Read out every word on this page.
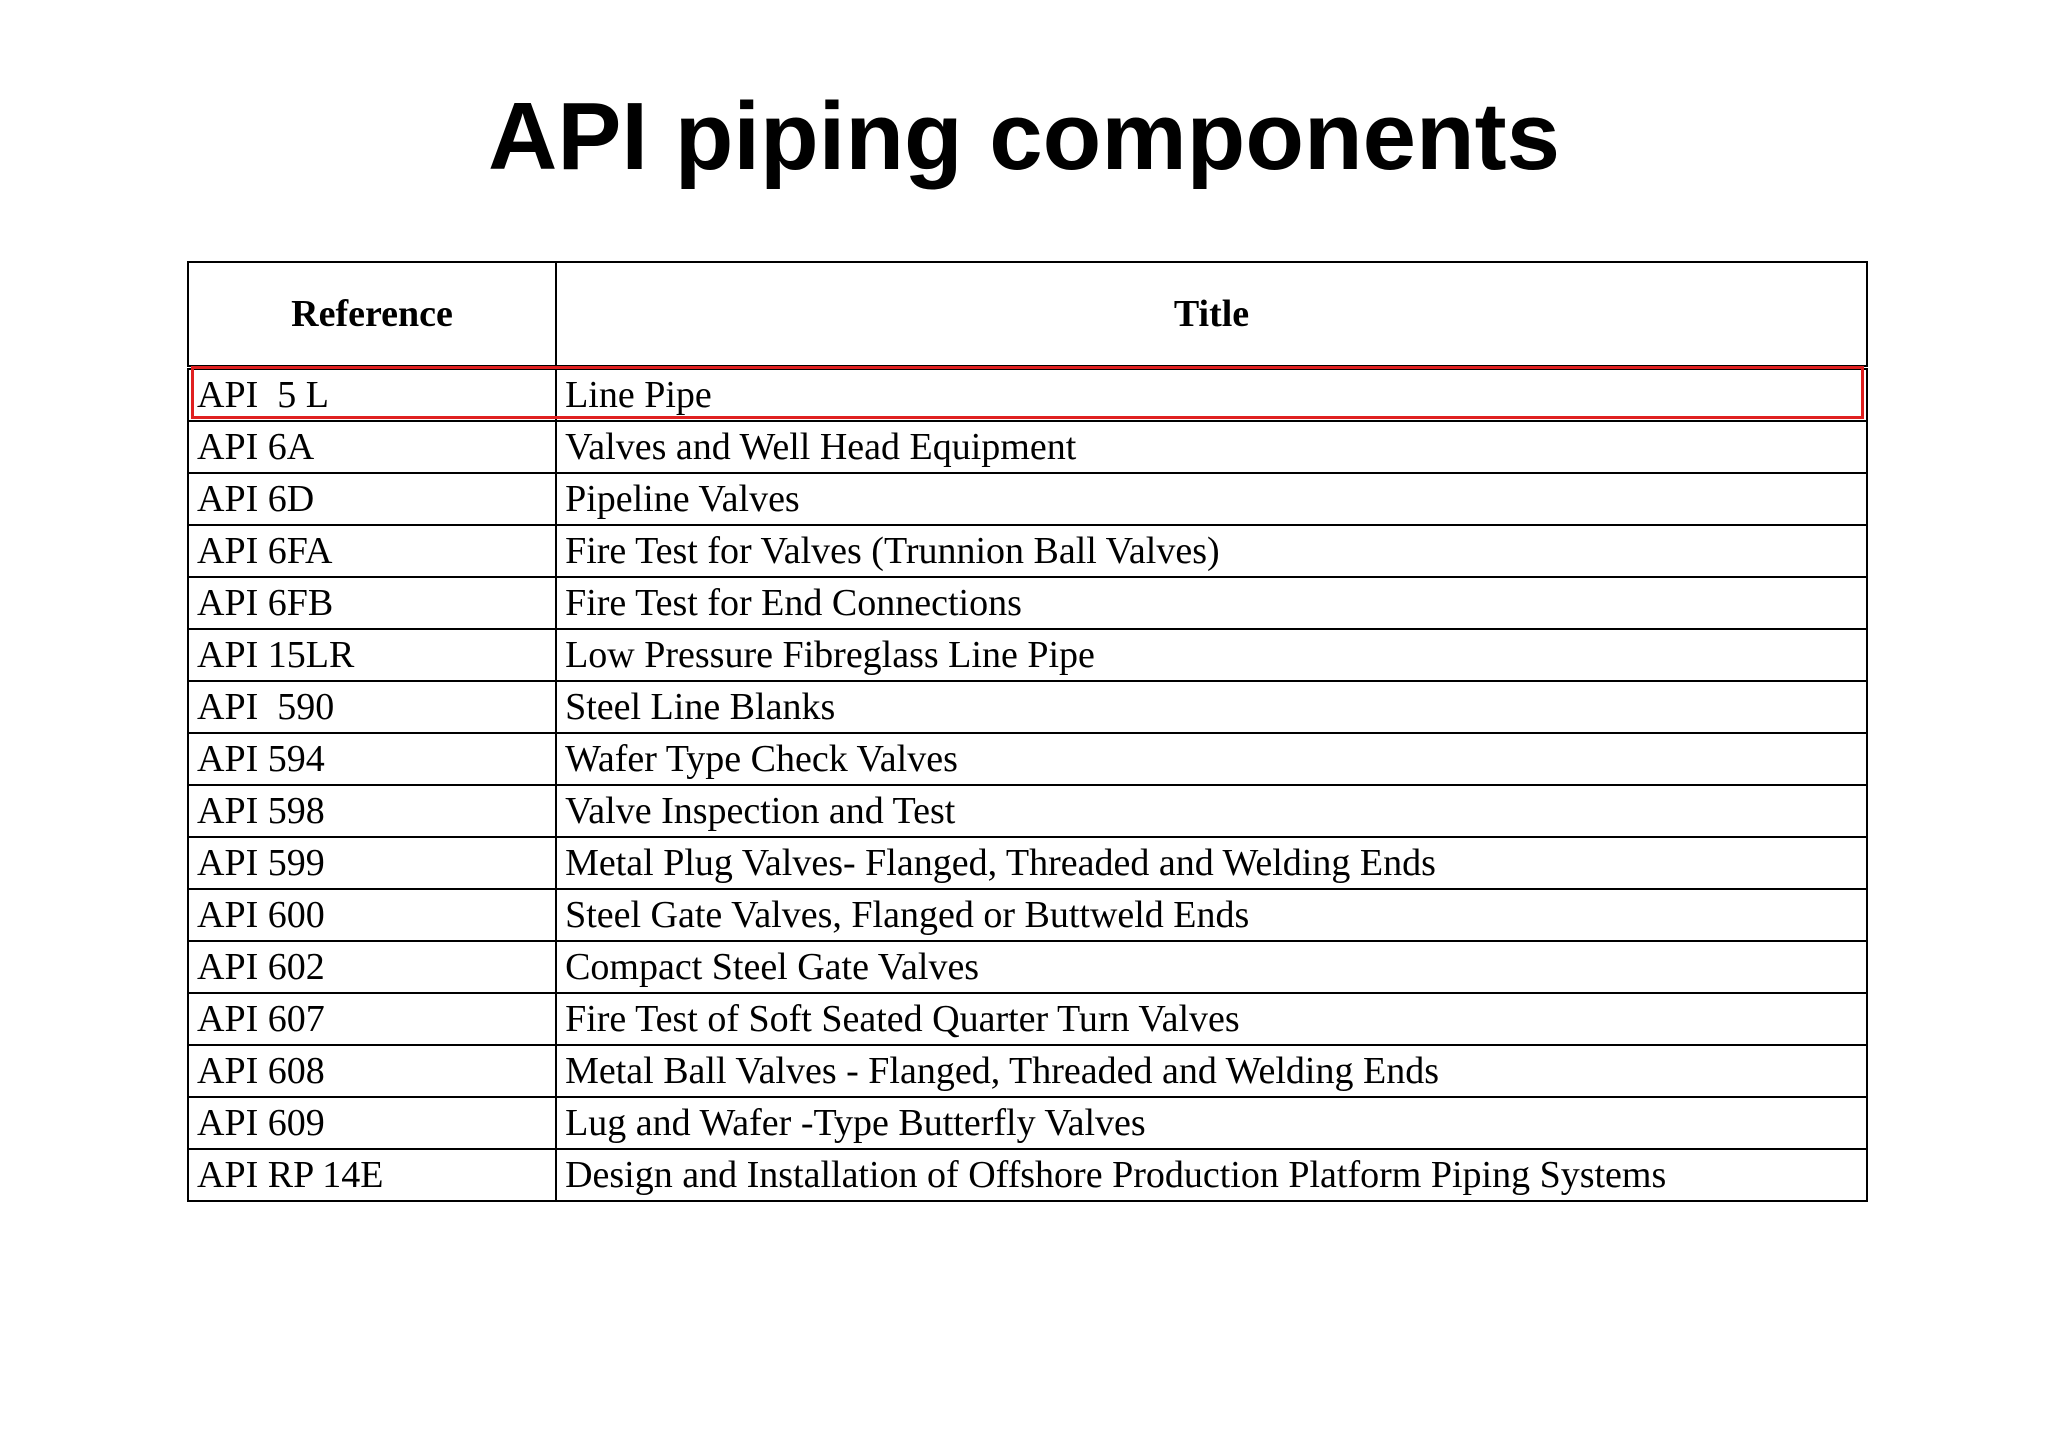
API piping components
Reference	Title
API  5 L	Line Pipe
API 6A	Valves and Well Head Equipment
API 6D	Pipeline Valves
API 6FA	Fire Test for Valves (Trunnion Ball Valves)
API 6FB	Fire Test for End Connections
API 15LR	Low Pressure Fibreglass Line Pipe
API  590	Steel Line Blanks
API 594	Wafer Type Check Valves
API 598	Valve Inspection and Test
API 599	Metal Plug Valves- Flanged, Threaded and Welding Ends
API 600	Steel Gate Valves, Flanged or Buttweld Ends
API 602	Compact Steel Gate Valves
API 607	Fire Test of Soft Seated Quarter Turn Valves
API 608	Metal Ball Valves - Flanged, Threaded and Welding Ends
API 609	Lug and Wafer -Type Butterfly Valves
API RP 14E	Design and Installation of Offshore Production Platform Piping Systems
